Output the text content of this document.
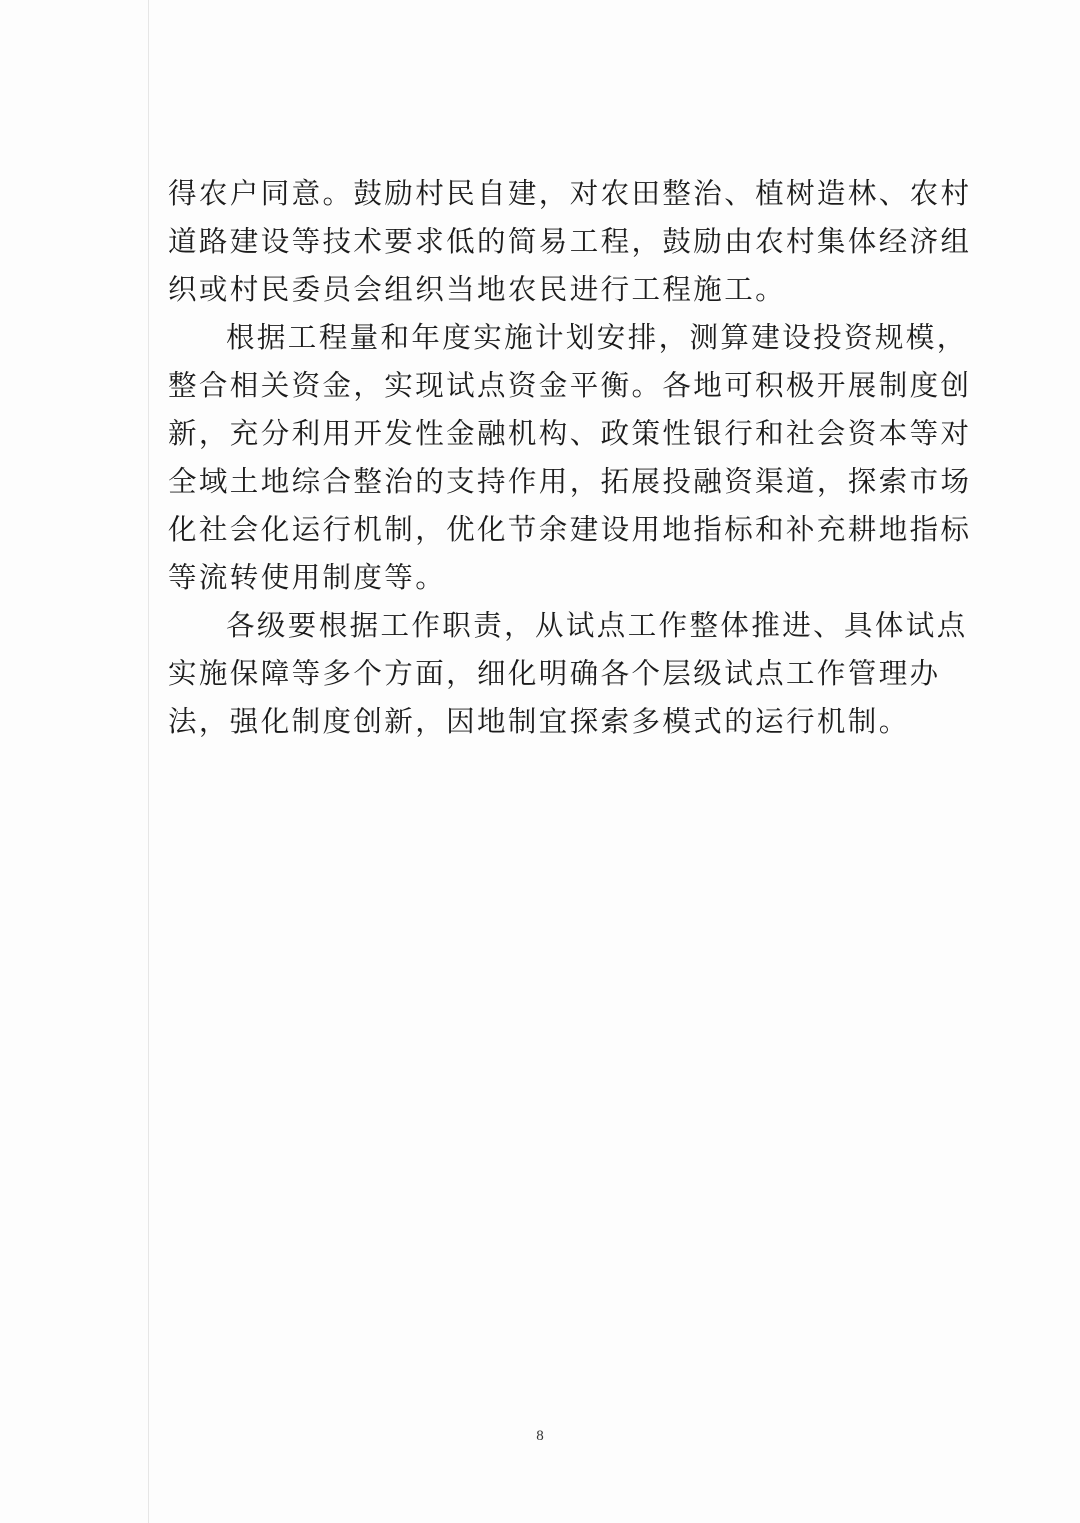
得农户同意。鼓励村民自建，对农田整治、植树造林、农村
道路建设等技术要求低的简易工程，鼓励由农村集体经济组
织或村民委员会组织当地农民进行工程施工。
根据工程量和年度实施计划安排，测算建设投资规模，
整合相关资金，实现试点资金平衡。各地可积极开展制度创
新，充分利用开发性金融机构、政策性银行和社会资本等对
全域土地综合整治的支持作用，拓展投融资渠道，探索市场
化社会化运行机制，优化节余建设用地指标和补充耕地指标
等流转使用制度等。
各级要根据工作职责，从试点工作整体推进、具体试点
实施保障等多个方面，细化明确各个层级试点工作管理办
法，强化制度创新，因地制宜探索多模式的运行机制。
8
